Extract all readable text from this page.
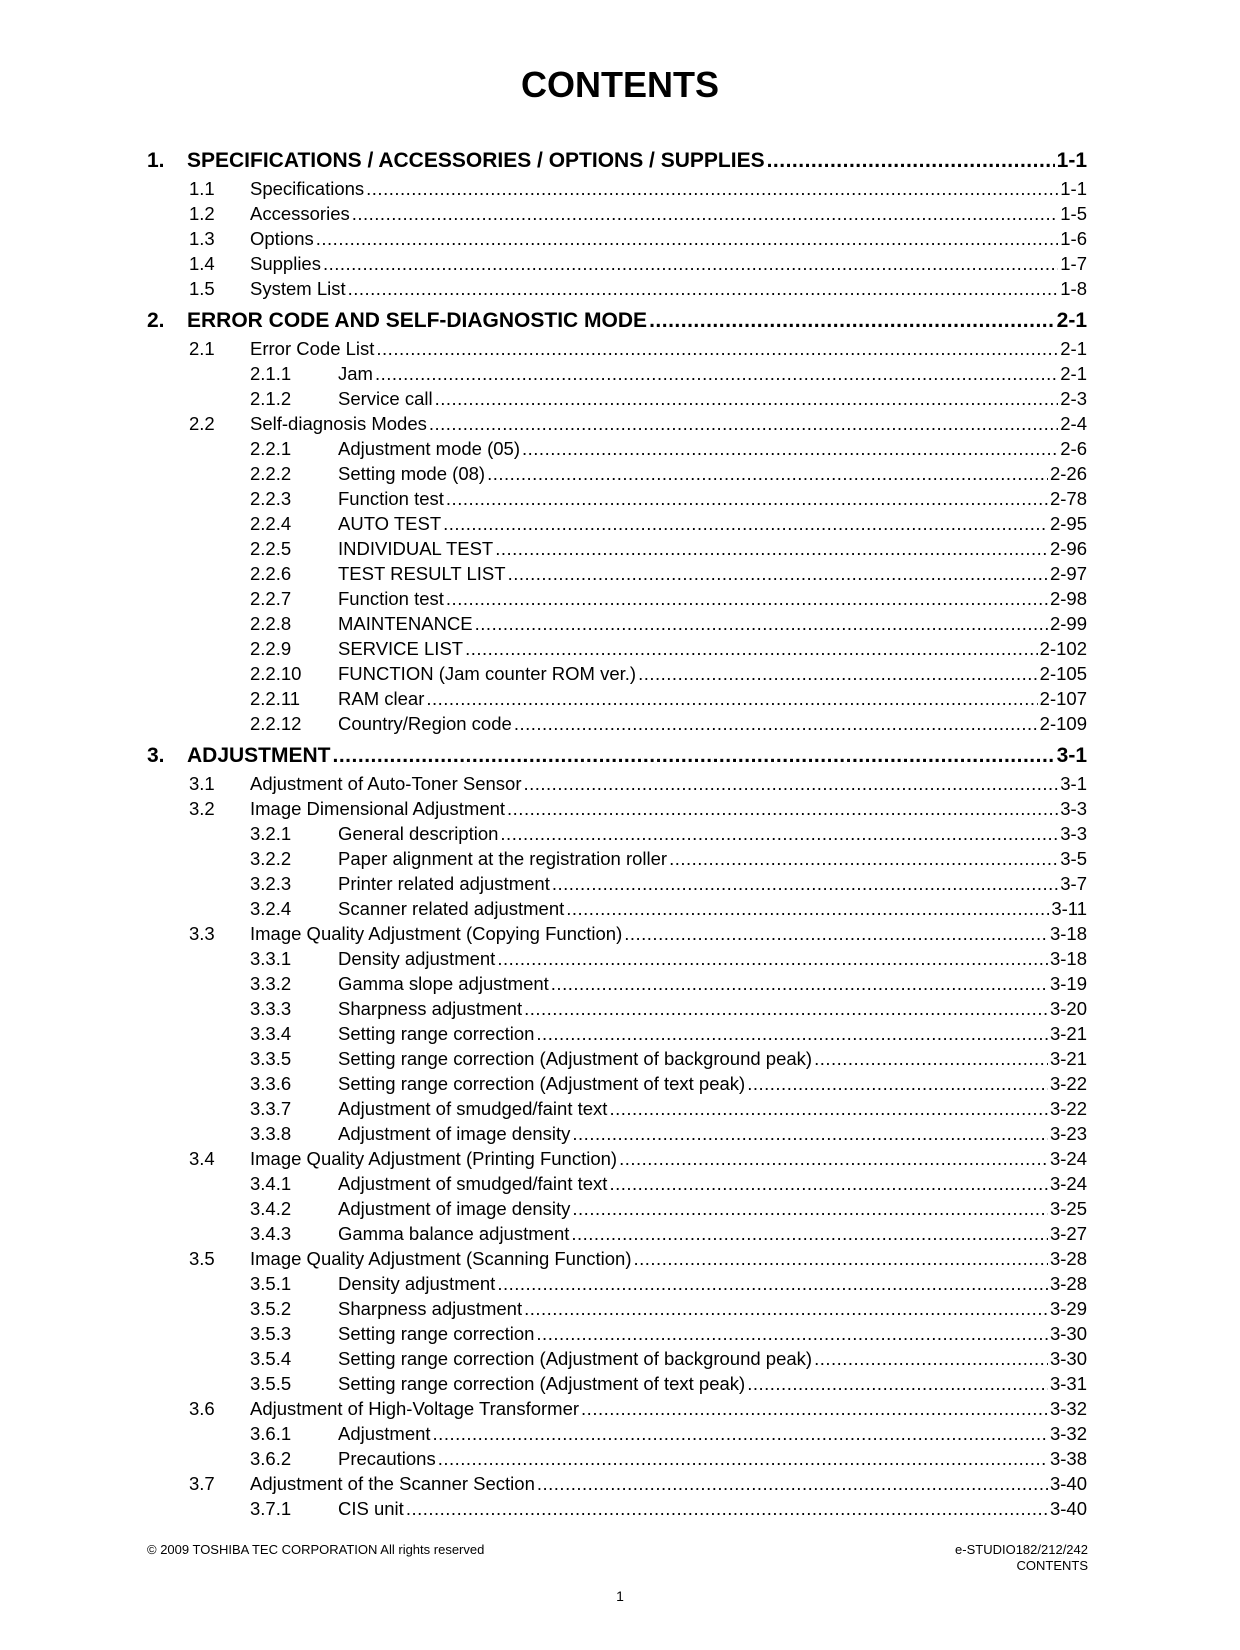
CONTENTS
1. SPECIFICATIONS / ACCESSORIES / OPTIONS / SUPPLIES .....	1-1
1.1 Specifications .....	1-1
1.2 Accessories .....	1-5
1.3 Options .....	1-6
1.4 Supplies .....	1-7
1.5 System List .....	1-8
2. ERROR CODE AND SELF-DIAGNOSTIC MODE .....	2-1
2.1 Error Code List .....	2-1
2.1.1	Jam .....	2-1
2.1.2	Service call .....	2-3
2.2 Self-diagnosis Modes .....	2-4
2.2.1	Adjustment mode (05) .....	2-6
2.2.2	Setting mode (08) .....	2-26
2.2.3	Function test .....	2-78
2.2.4	AUTO TEST .....	2-95
2.2.5	INDIVIDUAL TEST .....	2-96
2.2.6	TEST RESULT LIST .....	2-97
2.2.7	Function test .....	2-98
2.2.8	MAINTENANCE .....	2-99
2.2.9	SERVICE LIST .....	2-102
2.2.10 FUNCTION (Jam counter ROM ver.) .....	2-105
2.2.11 RAM clear .....	2-107
2.2.12 Country/Region code .....	2-109
3. ADJUSTMENT .....	3-1
3.1 Adjustment of Auto-Toner Sensor .....	3-1
3.2 Image Dimensional Adjustment .....	3-3
3.2.1	General description .....	3-3
3.2.2	Paper alignment at the registration roller .....	3-5
3.2.3	Printer related adjustment .....	3-7
3.2.4	Scanner related adjustment .....	3-11
3.3 Image Quality Adjustment (Copying Function) .....	3-18
3.3.1	Density adjustment .....	3-18
3.3.2	Gamma slope adjustment .....	3-19
3.3.3	Sharpness adjustment .....	3-20
3.3.4	Setting range correction .....	3-21
3.3.5	Setting range correction (Adjustment of background peak) .....	3-21
3.3.6	Setting range correction (Adjustment of text peak) .....	3-22
3.3.7	Adjustment of smudged/faint text .....	3-22
3.3.8	Adjustment of image density .....	3-23
3.4 Image Quality Adjustment (Printing Function) .....	3-24
3.4.1	Adjustment of smudged/faint text .....	3-24
3.4.2	Adjustment of image density .....	3-25
3.4.3	Gamma balance adjustment .....	3-27
3.5 Image Quality Adjustment (Scanning Function) .....	3-28
3.5.1	Density adjustment .....	3-28
3.5.2	Sharpness adjustment .....	3-29
3.5.3	Setting range correction .....	3-30
3.5.4	Setting range correction (Adjustment of background peak) .....	3-30
3.5.5	Setting range correction (Adjustment of text peak) .....	3-31
3.6 Adjustment of High-Voltage Transformer .....	3-32
3.6.1	Adjustment .....	3-32
3.6.2	Precautions .....	3-38
3.7 Adjustment of the Scanner Section .....	3-40
3.7.1	CIS unit .....	3-40
© 2009 TOSHIBA TEC CORPORATION All rights reserved	e-STUDIO182/212/242
CONTENTS
1
